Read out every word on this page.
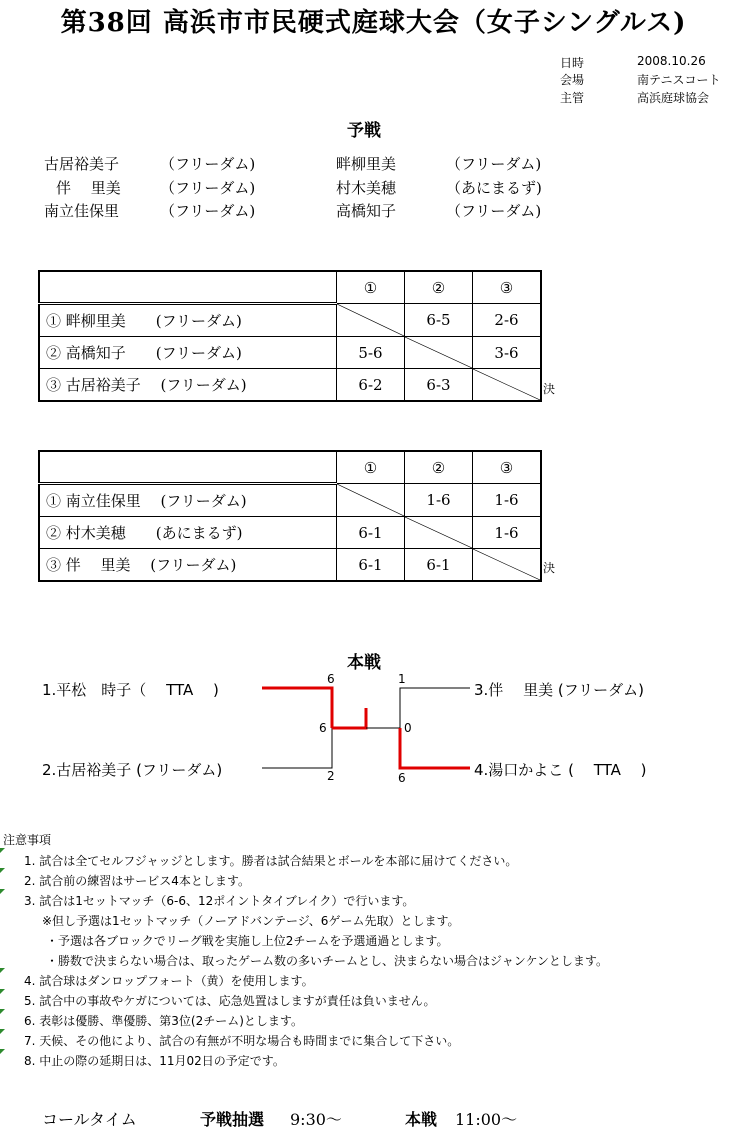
第38回 高浜市市民硬式庭球大会（女子シングルス)
日時	2008.10.26
会場	南テニスコート
主管	高浜庭球協会
予戦
古居裕美子	（フリーダム)
伴　 里美	（フリーダム)
南立佳保里	（フリーダム)
畔柳里美	（フリーダム)
村木美穂	（あにまるず)
高橋知子	（フリーダム)
	①	②	③
① 畔柳里美　　(フリーダム)		6-5	2-6
② 高橋知子　　(フリーダム)	5-6		3-6
③ 古居裕美子　 (フリーダム)	6-2	6-3		決
	①	②	③
① 南立佳保里　 (フリーダム)		1-6	1-6
② 村木美穂　　(あにまるず)	6-1		1-6
③ 伴　 里美　 (フリーダム)	6-1	6-1		決
本戦
1.平松　時子（　 TTA　 )
2.古居裕美子 (フリーダム)
3.伴　 里美 (フリーダム)
4.湯口かよこ (　 TTA　 )
6
2
6	0
1
6
注意事項
1. 試合は全てセルフジャッジとします。勝者は試合結果とボールを本部に届けてください。
2. 試合前の練習はサービス4本とします。
3. 試合は1セットマッチ（6-6、12ポイントタイブレイク）で行います。
※但し予選は1セットマッチ（ノーアドバンテージ、6ゲーム先取）とします。
・予選は各ブロックでリーグ戦を実施し上位2チームを予選通過とします。
・勝数で決まらない場合は、取ったゲーム数の多いチームとし、決まらない場合はジャンケンとします。
4. 試合球はダンロップフォート（黄）を使用します。
5. 試合中の事故やケガについては、応急処置はしますが責任は負いません。
6. 表彰は優勝、準優勝、第3位(2チーム)とします。
7. 天候、その他により、試合の有無が不明な場合も時間までに集合して下さい。
8. 中止の際の延期日は、11月02日の予定です。
コールタイム	予戦抽選 9:30〜	本戦 11:00〜
